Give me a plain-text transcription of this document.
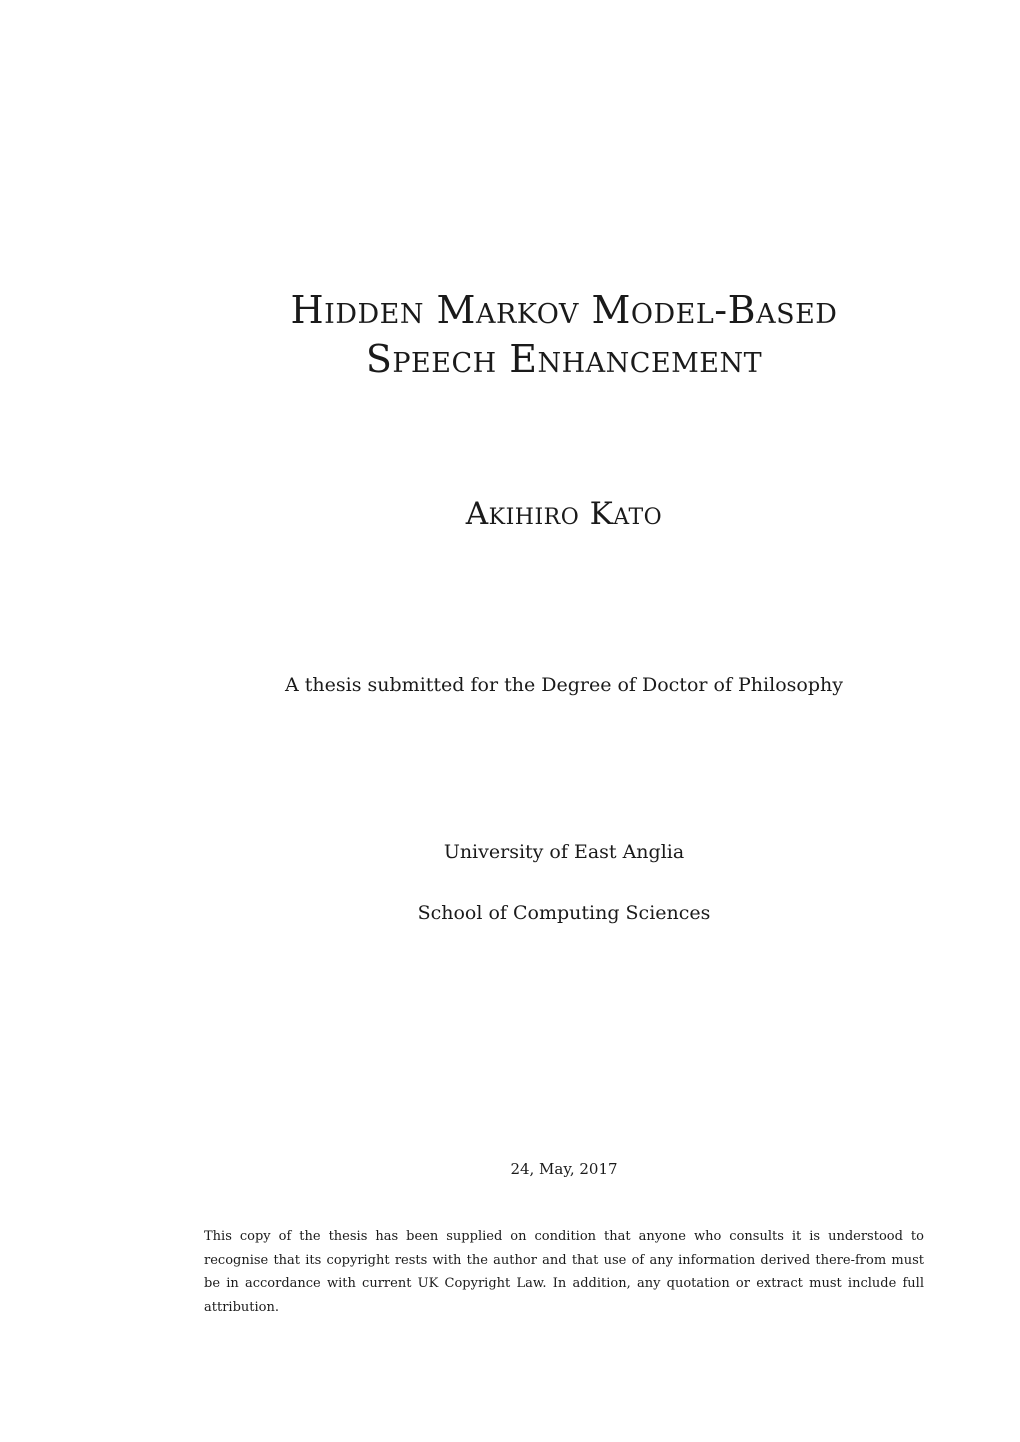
Hidden Markov Model-Based
Speech Enhancement
Akihiro Kato
A thesis submitted for the Degree of Doctor of Philosophy
University of East Anglia
School of Computing Sciences
24, May, 2017

This copy of the thesis has been supplied on condition that anyone who consults it is understood to recognise that its copyright rests with the author and that use of any information derived there-from must be in accordance with current UK Copyright Law. In addition, any quotation or extract must include full attribution.
